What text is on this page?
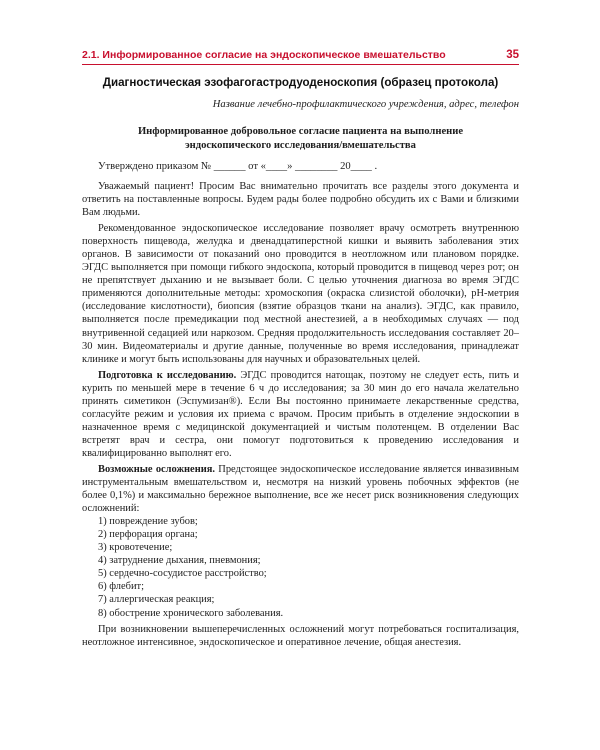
2.1. Информированное согласие на эндоскопическое вмешательство	35
Диагностическая эзофагогастродуоденоскопия (образец протокола)
Название лечебно-профилактического учреждения, адрес, телефон
Информированное добровольное согласие пациента на выполнение
эндоскопического исследования/вмешательства
Утверждено приказом № ______ от «____» ________ 20____ .

Уважаемый пациент! Просим Вас внимательно прочитать все разделы этого документа и ответить на поставленные вопросы. Будем рады более подробно обсудить их с Вами и близкими Вам людьми.

Рекомендованное эндоскопическое исследование позволяет врачу осмотреть внутреннюю поверхность пищевода, желудка и двенадцатиперстной кишки и выявить заболевания этих органов. В зависимости от показаний оно проводится в неотложном или плановом порядке. ЭГДС выполняется при помощи гибкого эндоскопа, который проводится в пищевод через рот; он не препятствует дыханию и не вызывает боли. С целью уточнения диагноза во время ЭГДС применяются дополнительные методы: хромоскопия (окраска слизистой оболочки), pH-метрия (исследование кислотности), биопсия (взятие образцов ткани на анализ). ЭГДС, как правило, выполняется после премедикации под местной анестезией, а в необходимых случаях — под внутривенной седацией или наркозом. Средняя продолжительность исследования составляет 20–30 мин. Видеоматериалы и другие данные, полученные во время исследования, принадлежат клинике и могут быть использованы для научных и образовательных целей.

Подготовка к исследованию. ЭГДС проводится натощак, поэтому не следует есть, пить и курить по меньшей мере в течение 6 ч до исследования; за 30 мин до его начала желательно принять симетикон (Эспумизан®). Если Вы постоянно принимаете лекарственные средства, согласуйте режим и условия их приема с врачом. Просим прибыть в отделение эндоскопии в назначенное время с медицинской документацией и чистым полотенцем. В отделении Вас встретят врач и сестра, они помогут подготовиться к проведению исследования и квалифицированно выполнят его.

Возможные осложнения. Предстоящее эндоскопическое исследование является инвазивным инструментальным вмешательством и, несмотря на низкий уровень побочных эффектов (не более 0,1%) и максимально бережное выполнение, все же несет риск возникновения следующих осложнений:

1) повреждение зубов;
2) перфорация органа;
3) кровотечение;
4) затруднение дыхания, пневмония;
5) сердечно-сосудистое расстройство;
6) флебит;
7) аллергическая реакция;
8) обострение хронического заболевания.

При возникновении вышеперечисленных осложнений могут потребоваться госпитализация, неотложное интенсивное, эндоскопическое и оперативное лечение, общая анестезия.
